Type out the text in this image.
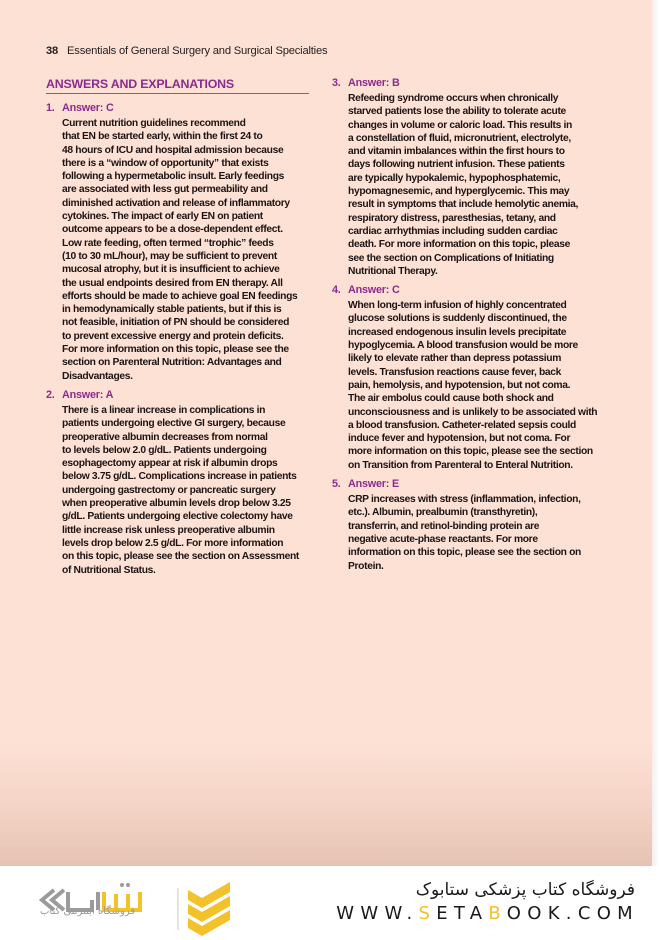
38 Essentials of General Surgery and Surgical Specialties
ANSWERS AND EXPLANATIONS
1. Answer: C
Current nutrition guidelines recommend
that EN be started early, within the first 24 to
48 hours of ICU and hospital admission because
there is a “window of opportunity” that exists
following a hypermetabolic insult. Early feedings
are associated with less gut permeability and
diminished activation and release of inflammatory
cytokines. The impact of early EN on patient
outcome appears to be a dose-dependent effect.
Low rate feeding, often termed “trophic” feeds
(10 to 30 mL/hour), may be sufficient to prevent
mucosal atrophy, but it is insufficient to achieve
the usual endpoints desired from EN therapy. All
efforts should be made to achieve goal EN feedings
in hemodynamically stable patients, but if this is
not feasible, initiation of PN should be considered
to prevent excessive energy and protein deficits.
For more information on this topic, please see the
section on Parenteral Nutrition: Advantages and
Disadvantages.
2. Answer: A
There is a linear increase in complications in
patients undergoing elective GI surgery, because
preoperative albumin decreases from normal
to levels below 2.0 g/dL. Patients undergoing
esophagectomy appear at risk if albumin drops
below 3.75 g/dL. Complications increase in patients
undergoing gastrectomy or pancreatic surgery
when preoperative albumin levels drop below 3.25
g/dL. Patients undergoing elective colectomy have
little increase risk unless preoperative albumin
levels drop below 2.5 g/dL. For more information
on this topic, please see the section on Assessment
of Nutritional Status.
3. Answer: B
Refeeding syndrome occurs when chronically
starved patients lose the ability to tolerate acute
changes in volume or caloric load. This results in
a constellation of fluid, micronutrient, electrolyte,
and vitamin imbalances within the first hours to
days following nutrient infusion. These patients
are typically hypokalemic, hypophosphatemic,
hypomagnesemic, and hyperglycemic. This may
result in symptoms that include hemolytic anemia,
respiratory distress, paresthesias, tetany, and
cardiac arrhythmias including sudden cardiac
death. For more information on this topic, please
see the section on Complications of Initiating
Nutritional Therapy.
4. Answer: C
When long-term infusion of highly concentrated
glucose solutions is suddenly discontinued, the
increased endogenous insulin levels precipitate
hypoglycemia. A blood transfusion would be more
likely to elevate rather than depress potassium
levels. Transfusion reactions cause fever, back
pain, hemolysis, and hypotension, but not coma.
The air embolus could cause both shock and
unconsciousness and is unlikely to be associated with
a blood transfusion. Catheter-related sepsis could
induce fever and hypotension, but not coma. For
more information on this topic, please see the section
on Transition from Parenteral to Enteral Nutrition.
5. Answer: E
CRP increases with stress (inflammation, infection,
etc.). Albumin, prealbumin (transthyretin),
transferrin, and retinol-binding protein are
negative acute-phase reactants. For more
information on this topic, please see the section on
Protein.
فروشگاه اینترنتی کتاب
فروشگاه کتاب پزشکی ستابوک
WWW.SETABOOK.COM
